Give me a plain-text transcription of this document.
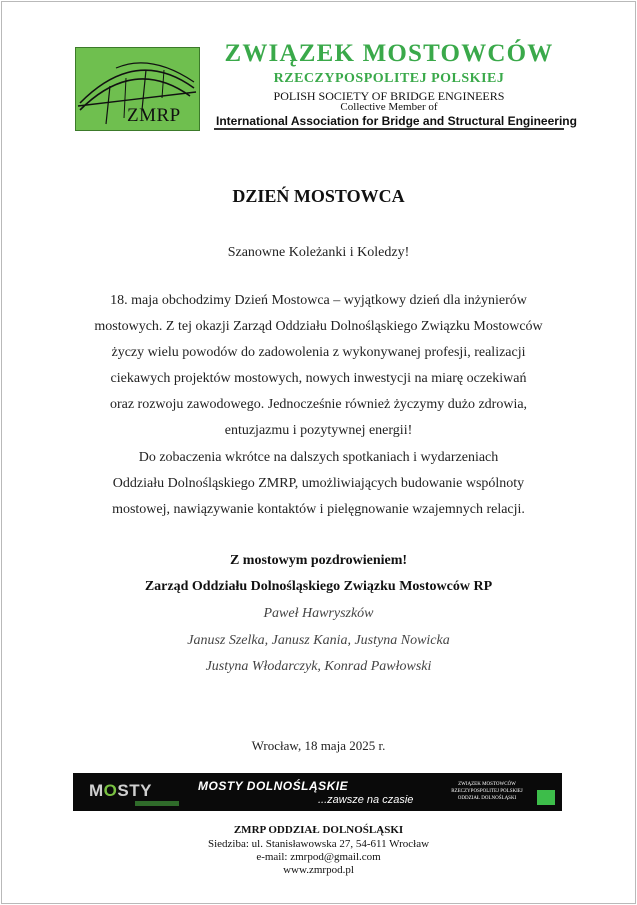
ZMRP
ZWIĄZEK MOSTOWCÓW
RZECZYPOSPOLITEJ POLSKIEJ
POLISH SOCIETY OF BRIDGE ENGINEERS
Collective Member of
International Association for Bridge and Structural Engineering
DZIEŃ MOSTOWCA
Szanowne Koleżanki i Koledzy!
18. maja obchodzimy Dzień Mostowca – wyjątkowy dzień dla inżynierów
mostowych. Z tej okazji Zarząd Oddziału Dolnośląskiego Związku Mostowców
życzy wielu powodów do zadowolenia z wykonywanej profesji, realizacji
ciekawych projektów mostowych, nowych inwestycji na miarę oczekiwań
oraz rozwoju zawodowego. Jednocześnie również życzymy dużo zdrowia,
entuzjazmu i pozytywnej energii!
Do zobaczenia wkrótce na dalszych spotkaniach i wydarzeniach
Oddziału Dolnośląskiego ZMRP, umożliwiających budowanie wspólnoty
mostowej, nawiązywanie kontaktów i pielęgnowanie wzajemnych relacji.
Z mostowym pozdrowieniem!
Zarząd Oddziału Dolnośląskiego Związku Mostowców RP
Paweł Hawryszków
Janusz Szelka, Janusz Kania, Justyna Nowicka
Justyna Włodarczyk, Konrad Pawłowski
Wrocław, 18 maja 2025 r.
MOSTY	MOSTY DOLNOŚLĄSKIE
...zawsze na czasie
ZWIĄZEK MOSTOWCÓW
RZECZYPOSPOLITEJ POLSKIEJ
ODDZIAŁ DOLNOŚLĄSKI
ZMRP ODDZIAŁ DOLNOŚLĄSKI
Siedziba: ul. Stanisławowska 27, 54-611 Wrocław
e-mail: zmrpod@gmail.com
www.zmrpod.pl
